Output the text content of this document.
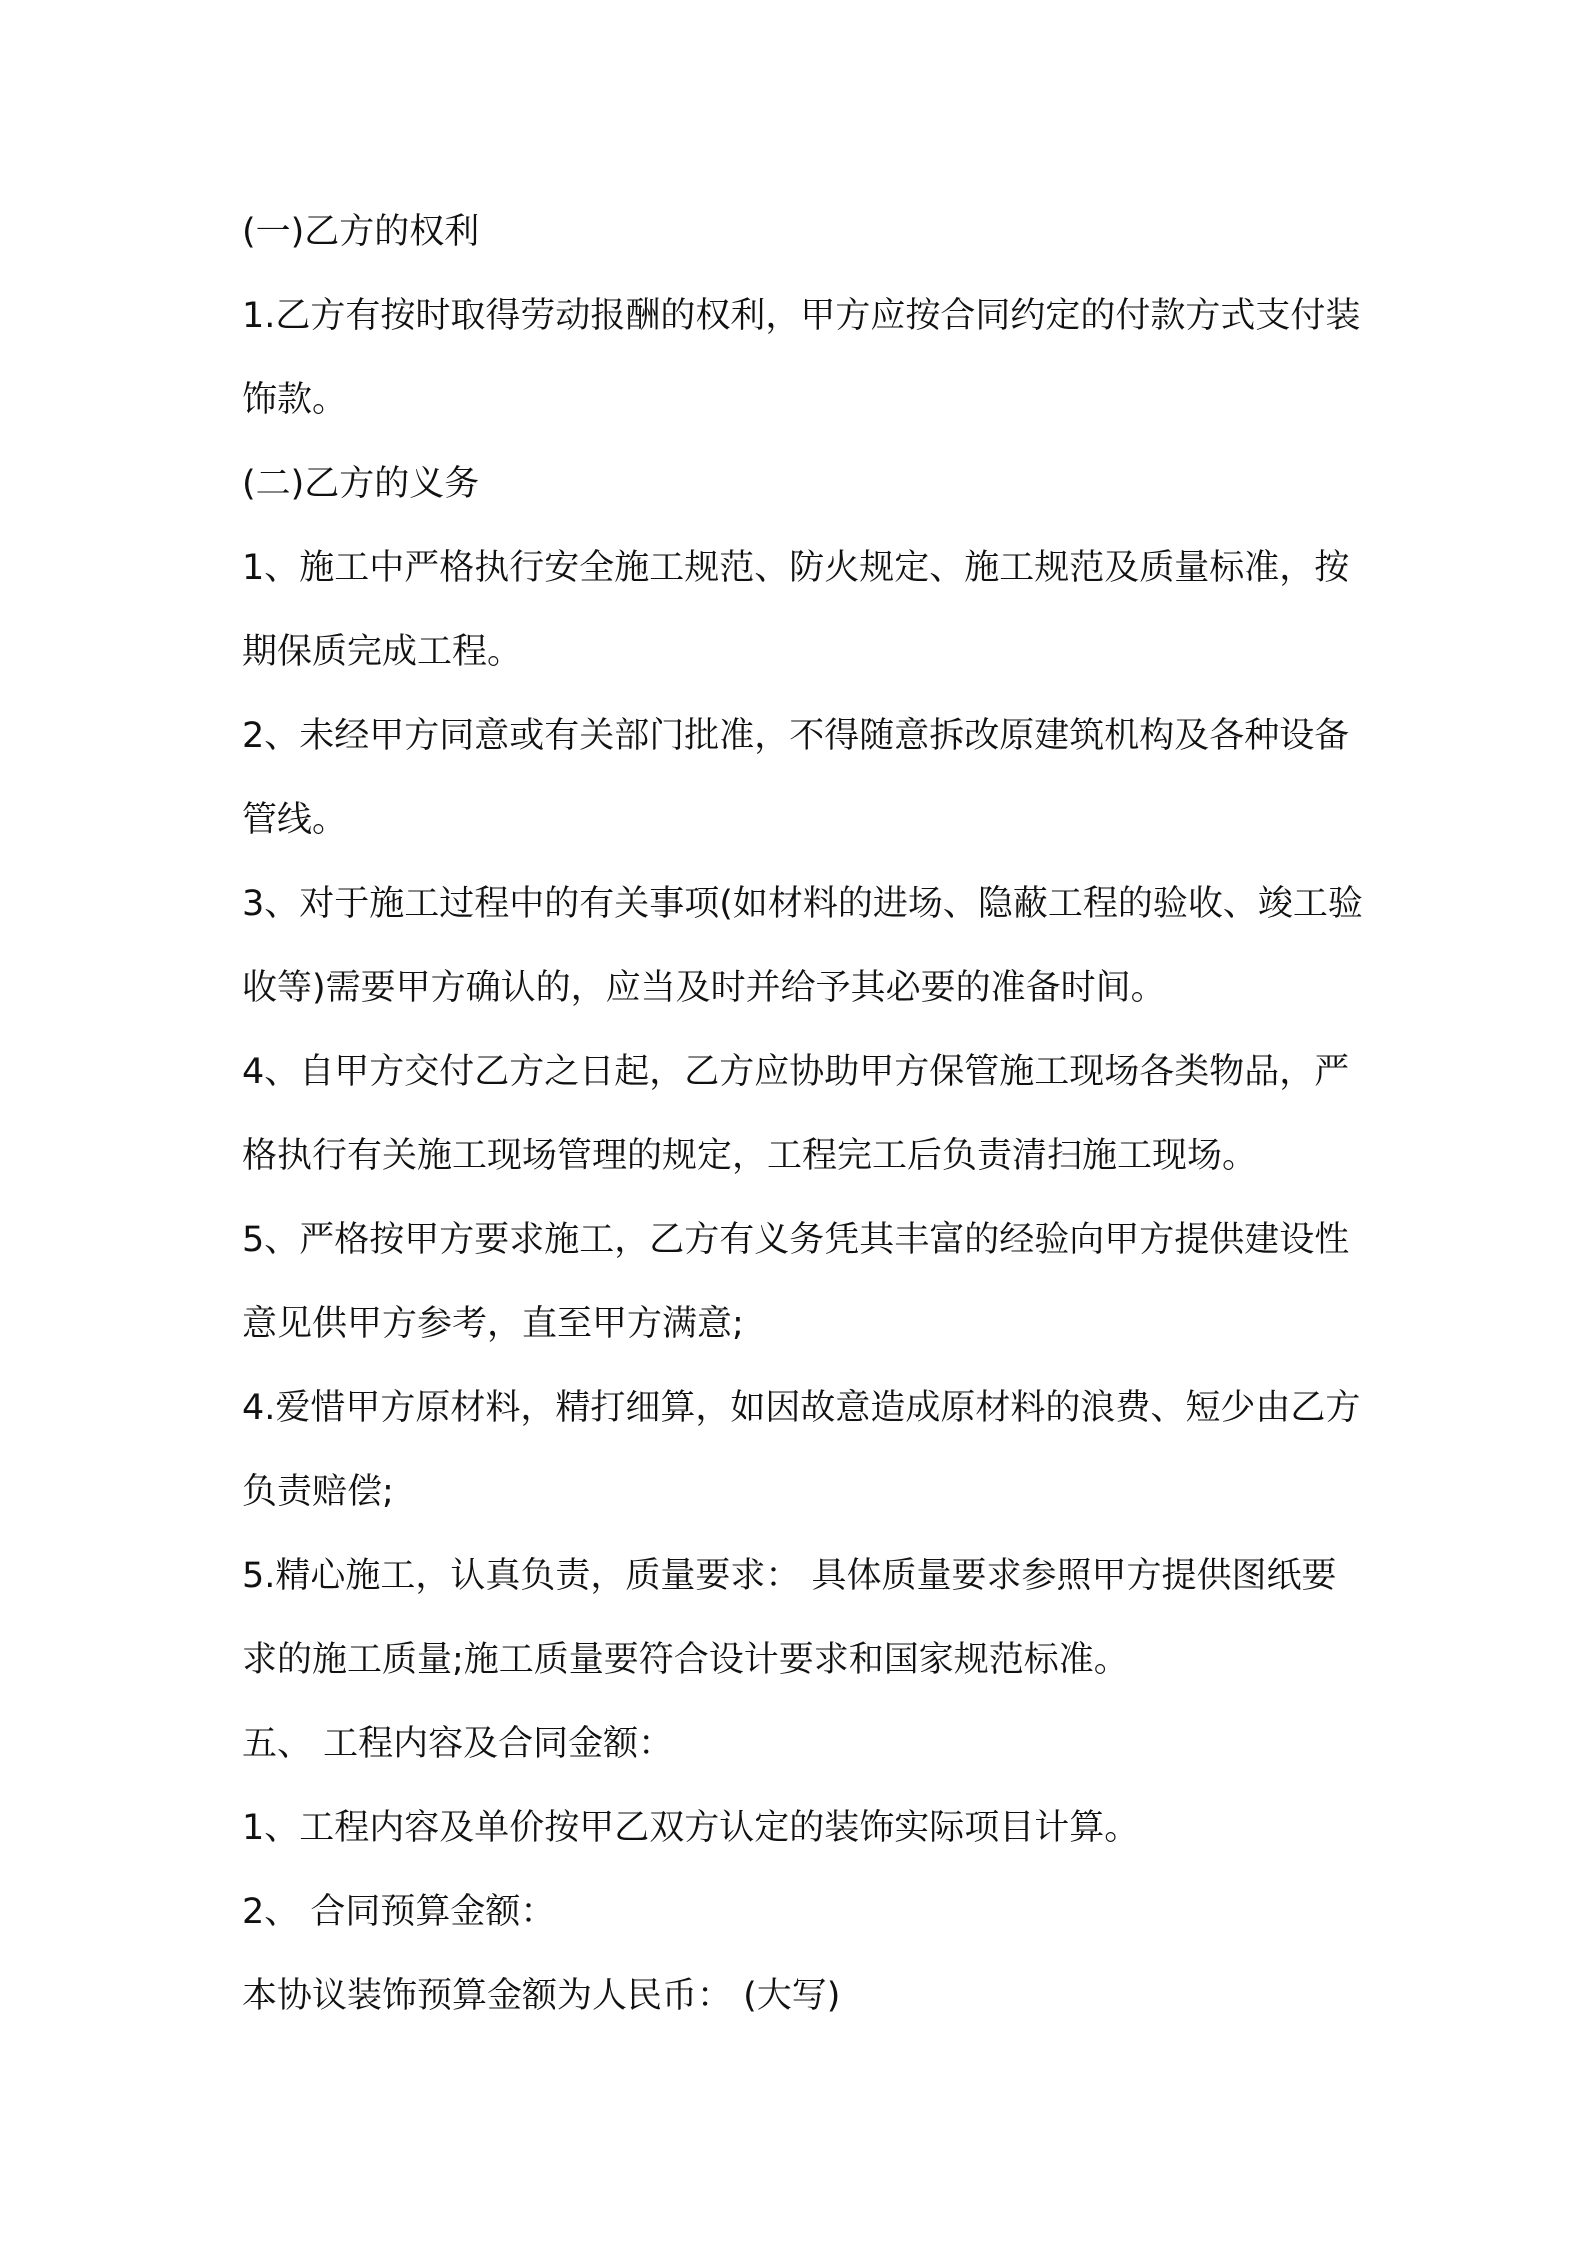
(一)乙方的权利

1.乙方有按时取得劳动报酬的权利，甲方应按合同约定的付款方式支付装饰款。

(二)乙方的义务

1、施工中严格执行安全施工规范、防火规定、施工规范及质量标准，按期保质完成工程。

2、未经甲方同意或有关部门批准，不得随意拆改原建筑机构及各种设备管线。

3、对于施工过程中的有关事项(如材料的进场、隐蔽工程的验收、竣工验收等)需要甲方确认的，应当及时并给予其必要的准备时间。

4、自甲方交付乙方之日起，乙方应协助甲方保管施工现场各类物品，严格执行有关施工现场管理的规定，工程完工后负责清扫施工现场。

5、严格按甲方要求施工，乙方有义务凭其丰富的经验向甲方提供建设性意见供甲方参考，直至甲方满意;

4.爱惜甲方原材料，精打细算，如因故意造成原材料的浪费、短少由乙方负责赔偿;

5.精心施工，认真负责，质量要求： 具体质量要求参照甲方提供图纸要求的施工质量;施工质量要符合设计要求和国家规范标准。

五、 工程内容及合同金额：

1、工程内容及单价按甲乙双方认定的装饰实际项目计算。

2、 合同预算金额：

本协议装饰预算金额为人民币： (大写)
